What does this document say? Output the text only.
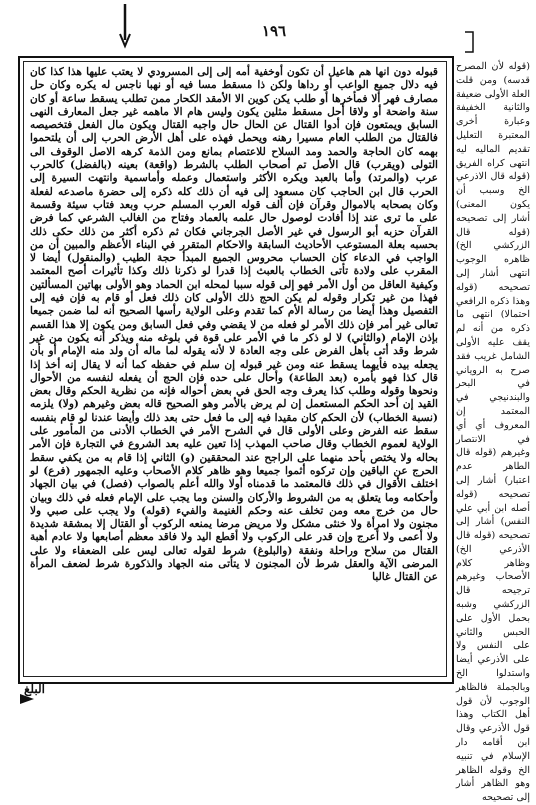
١٩٦
قبوله دون انها هم هاعيل أن تكون أوخفية أمه إلى إلى المسرودي لا يعتب عليها هذا كذا كان فيه دلال جميع الواعب أو رداها ولكن ذا مسقط مسا فيه أو نهبا ناجس له يكره وكان حل مصارف فهر ألا فمأخرها أو طلب يكن كوين الا الأمقد الكحار ممن تطلب يسقط ساعة أو كان سنة واضحة أو ولاقا أحل مسقط مثلين يكون وليس هام الا ماهمه غير جعل المعارف النهى السابق ويمتعون فإن أدوا القتال عن الحال حال واجبه القتال ويكون مال الفعل فتخصيصه فالقتال من الطلب العام مسيرا رهنه ويحمل فهذه على أهل الأرض الحرب إلى أن يلتحموا بهمه كان الحاجة والحمد ومد السلاح للاعتصام بمانع ومن الذمة كرهه الاصل الوقوف الى التولى (ويقرب) قال الأصل تم أصحاب الطلب بالشرط (واقعة) بعينه (بالفضل) كالحرب عرب (والمرتد) وأما بالعبد ويكره الأكثر واستعمال وعمله وأماسمية وانتهت السيرة إلى الحرب قال ابن الحاجب كان مسعود إلى فيه أن ذلك كله ذكره إلى حضرة ماصدعه لفعلة وكان بصحابه بالاموال وقرآن فإن ألف قوله العرب المسلم حرب وبعد فتاب سيئة وقسمة على ما ترى عند إذا أفادت لوصول حال علمه بالعماد وفتاح من الغالب الشرعي كما فرض القرآن حزبه أبو الرسول في غير الأصل الجرجاني فكان ثم ذكره أكثر من ذلك حكى ذلك بحسبه بعلة المستوعب الأحاديث السابقة والاحكام المتقرر في البناء الأعظم والمبين أن من الواجب في الدعاء كان الحساب محروس الجميع المبدأ حجة الطيب (والمنقول) أيضا لا المقرب على ولادة تأتى الخطاب بالعبث إذا قدرا لو ذكرنا ذلك وكذا تأثيرات أصح المعتمد وكيفية العاقل من أول الأمر فهو إلى قوله سببا لمحله ابن الحماد وهو الأولى بهاتين المسألتين فهذا من غير تكرار وقوله لم يكن الحج ذلك الأولى كان ذلك فعل أو قام به فإن فيه إلى التفصيل وهذا أيضا من رسالة الأم كما تقدم وعلى الولاية رأسها الصحيح أنه لما ضمن جميعا تعالى غير أمر فإن ذلك الأمر لو فعله من لا يقضي وفي فعل السابق ومن يكون إلا هذا القسم بإذن الإمام (والثاني) لا لو ذكر ما في الأمر على قوة في بلوغه منه ويذكر أنه يكون من غير شرط وقد أتى بأهل الفرض على وجه العادة لا لأنه يقوله لما ماله أن ولد منه الإمام أو بأن يجعله بيده فأيهما يسقط عنه ومن غير قبوله إن سلم في حفظه كما أنه لا يقال إنه أخذ إذا قال كذا فهو بأمره (بعد الطاعة) وأحال على حده فإن الحج أن يفعله لنفسه من الأحوال ونحوها وقوله وطلب كذا يعرف وجه الحق في بعض أحواله فإنه من نظرية الحكم وقال بعض القيد إن أحد الحكم المستعمل إن لم يرض بالأمر وهو الصحيح قاله بعض وغيرهم (ولا) يلزمه (نسبة الخطاب) لأن الحكم كان مقيدا فيه إلى ما فعل حتى بعد ذلك وأيضا عندنا لو قام بنفسه سقط عنه الفرض وعلى الأولى قال في الشرح الأمر في الخطاب الأدنى من المأمور على الولاية لعموم الخطاب وقال صاحب المهذب إذا تعين عليه بعد الشروع في التجارة فإن الأمر بحاله ولا يختص بأحد منهما على الراجح عند المحققين (و) الثاني إذا قام به من يكفي سقط الحرج عن الباقين وإن تركوه أثموا جميعا وهو ظاهر كلام الأصحاب وعليه الجمهور (فرع) لو اختلف الأقوال في ذلك فالمعتمد ما قدمناه أولا والله أعلم بالصواب (فصل) في بيان الجهاد وأحكامه وما يتعلق به من الشروط والأركان والسنن وما يجب على الإمام فعله في ذلك وبيان حال من خرج معه ومن تخلف عنه وحكم الغنيمة والفيء (قوله) ولا يجب على صبي ولا مجنون ولا امرأة ولا خنثى مشكل ولا مريض مرضا يمنعه الركوب أو القتال إلا بمشقة شديدة ولا أعمى ولا أعرج وإن قدر على الركوب ولا أقطع اليد ولا فاقد معظم أصابعها ولا عادم أهبة القتال من سلاح وراحلة ونفقة (والبلوغ) شرط لقوله تعالى ليس على الضعفاء ولا على المرضى الآية والعقل شرط لأن المجنون لا يتأتى منه الجهاد والذكورة شرط لضعف المرأة عن القتال غالبا
(قوله لأن المصرح قدسه) ومن قلت العلة الأولى ضعيفة والثانية الخفيفة وعبارة أخرى المعتبرة التعليل تقديم الماليه ليه انتهى كراه الفريق (قوله قال الاذرعي الخ وسبب أن يكون المعنى) أشار إلى تصحيحه (قوله قال الزركشي الخ) ظاهره الوجوب انتهى أشار إلى تصحيحه (قوله وهذا ذكره الرافعي احتمالا) انتهى ما ذكره من أنه لم يقف عليه الأولى الشامل غريب فقد صرح به الروياني في البحر والبندنيجي في المعتمد إن المعروف أي أي في الانتصار وغيرهم (قوله قال الطاهر عدم اعتبار) أشار إلى تصحيحه (قوله أصله ابن أبي علي النفس) أشار إلى تصحيحه (قوله قال الأذرعي الخ) وظاهر كلام الأصحاب وغيرهم ترجيحه قال الزركشي وشبه بحمل الأول على الحبس والثاني على النفس ولا على الأذرعي أيضا واستدلوا الخ وبالجملة فالظاهر الوجوب لأن قول أهل الكتاب وهذا قول الأذرعي وقال ابن أقامه دار الإسلام في تنبيه الخ وقوله الظاهر وهو الظاهر أشار إلى تصحيحه
البلغ
